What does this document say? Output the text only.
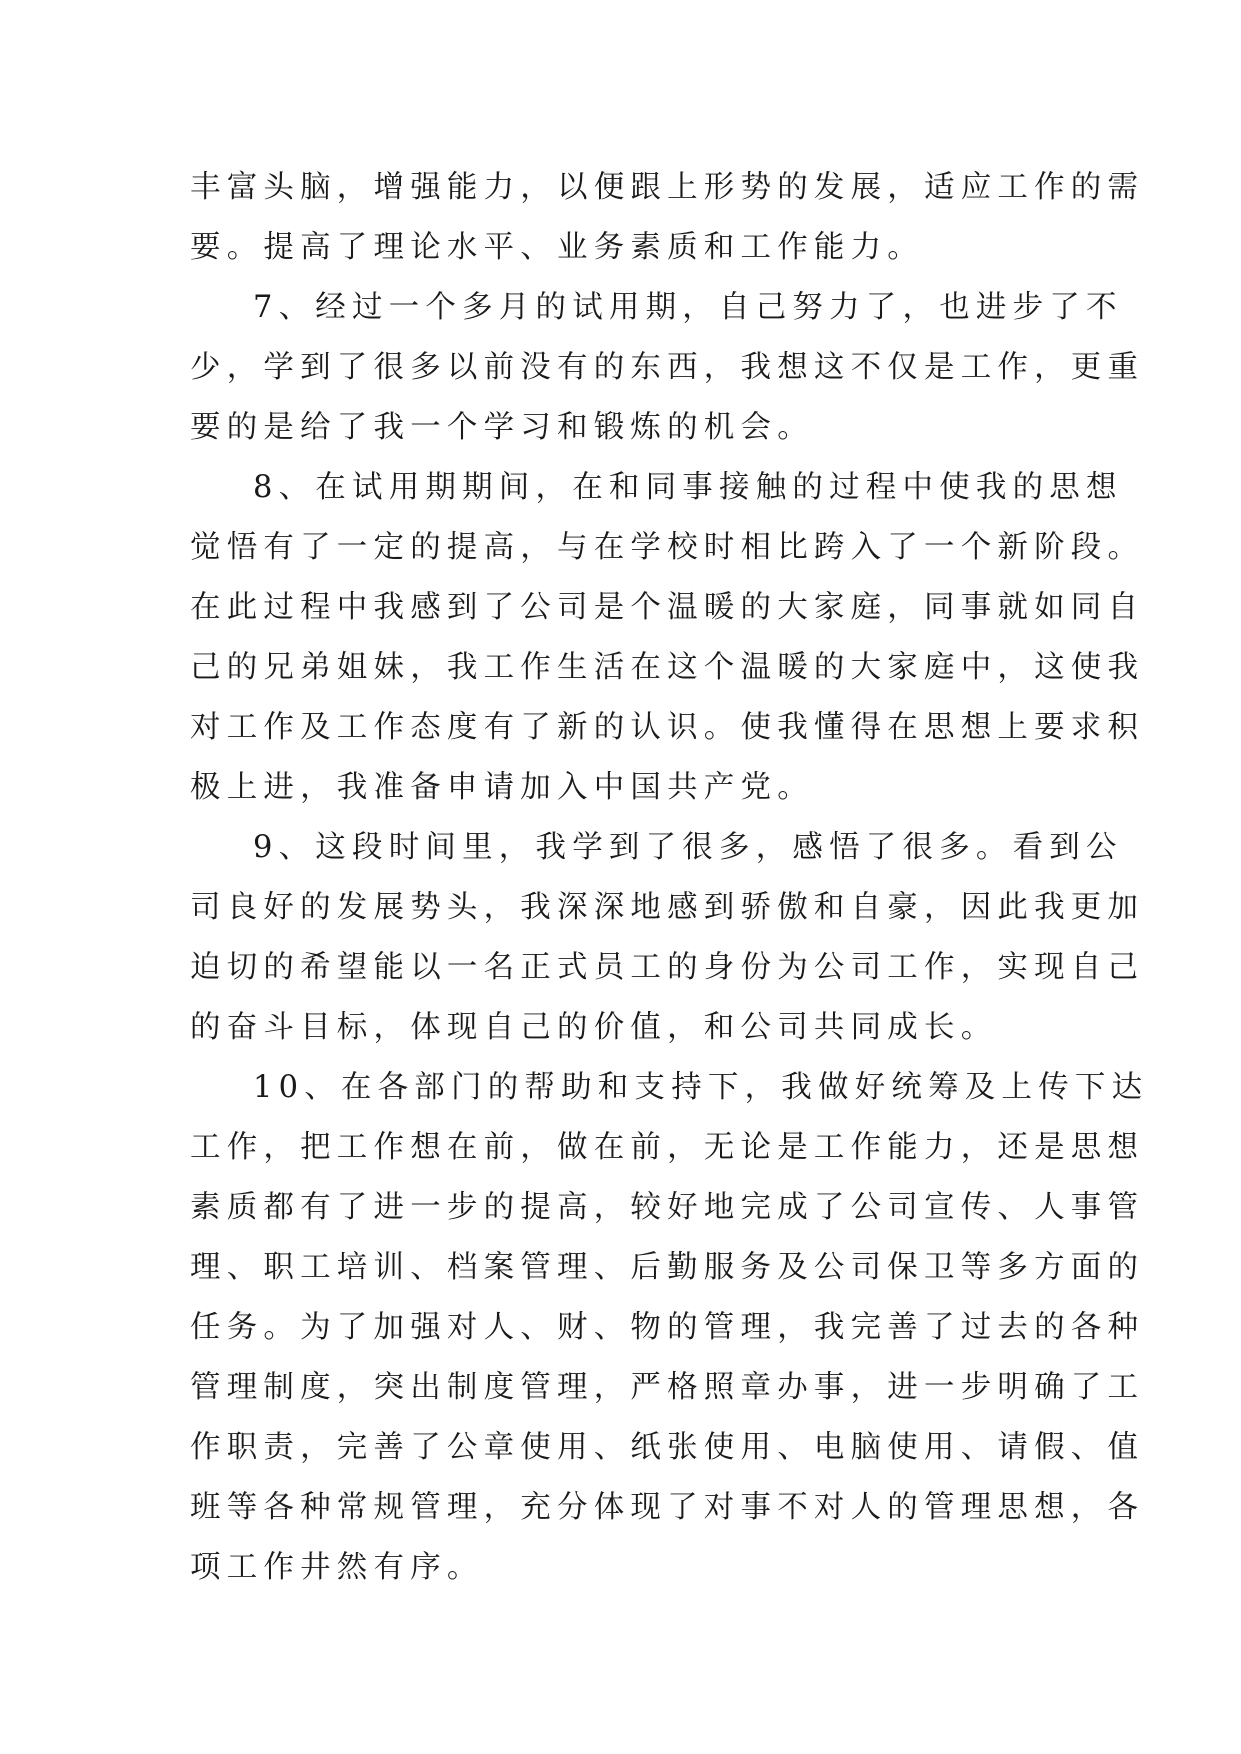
丰富头脑，增强能力，以便跟上形势的发展，适应工作的需
要。提高了理论水平、业务素质和工作能力。
7、经过一个多月的试用期，自己努力了，也进步了不
少，学到了很多以前没有的东西，我想这不仅是工作，更重
要的是给了我一个学习和锻炼的机会。
8、在试用期期间，在和同事接触的过程中使我的思想
觉悟有了一定的提高，与在学校时相比跨入了一个新阶段。
在此过程中我感到了公司是个温暖的大家庭，同事就如同自
己的兄弟姐妹，我工作生活在这个温暖的大家庭中，这使我
对工作及工作态度有了新的认识。使我懂得在思想上要求积
极上进，我准备申请加入中国共产党。
9、这段时间里，我学到了很多，感悟了很多。看到公
司良好的发展势头，我深深地感到骄傲和自豪，因此我更加
迫切的希望能以一名正式员工的身份为公司工作，实现自己
的奋斗目标，体现自己的价值，和公司共同成长。
10、在各部门的帮助和支持下，我做好统筹及上传下达
工作，把工作想在前，做在前，无论是工作能力，还是思想
素质都有了进一步的提高，较好地完成了公司宣传、人事管
理、职工培训、档案管理、后勤服务及公司保卫等多方面的
任务。为了加强对人、财、物的管理，我完善了过去的各种
管理制度，突出制度管理，严格照章办事，进一步明确了工
作职责，完善了公章使用、纸张使用、电脑使用、请假、值
班等各种常规管理，充分体现了对事不对人的管理思想，各
项工作井然有序。
